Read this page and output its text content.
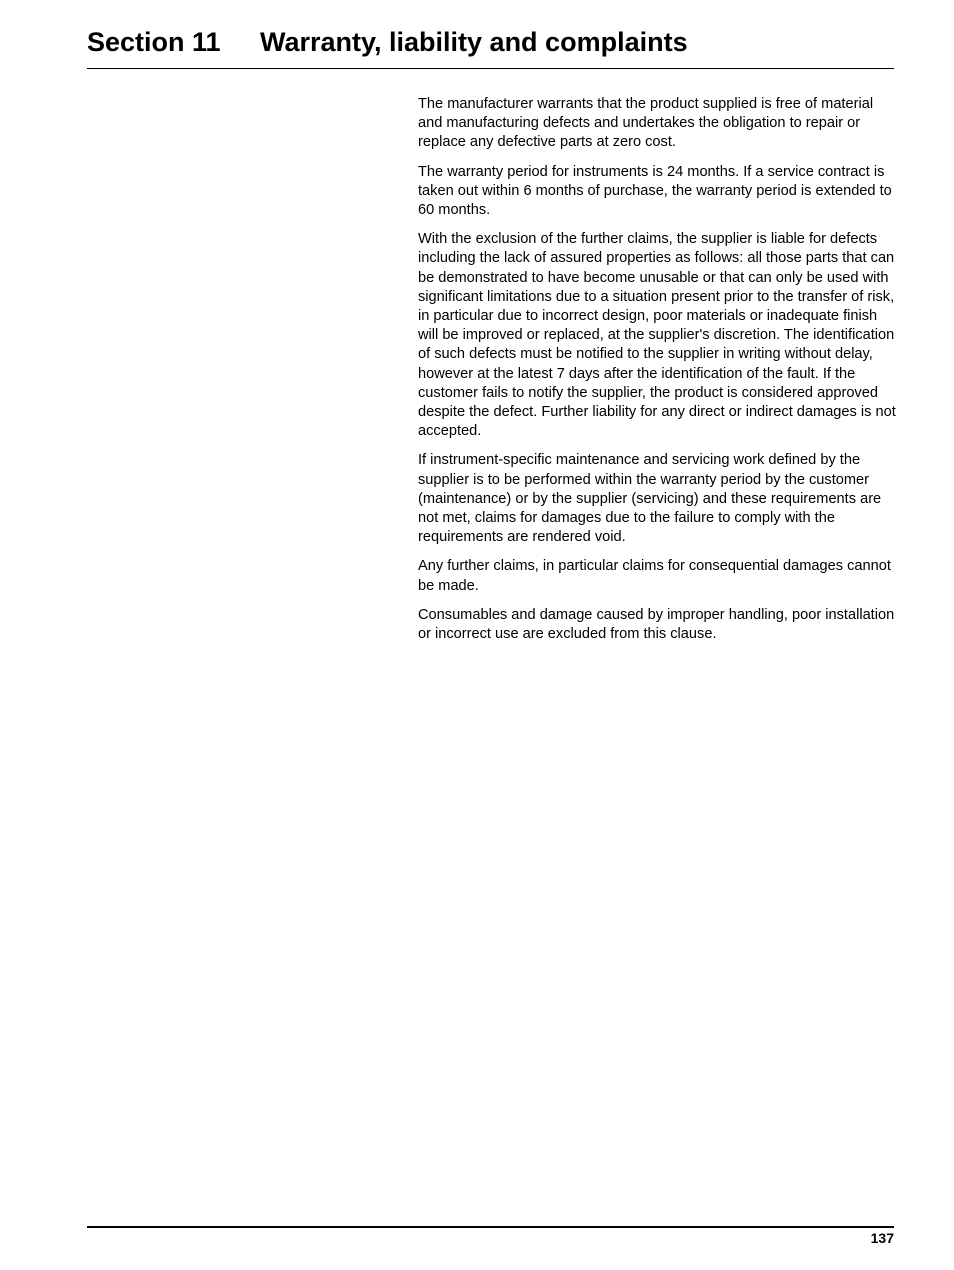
Section 11 Warranty, liability and complaints

The manufacturer warrants that the product supplied is free of material and manufacturing defects and undertakes the obligation to repair or replace any defective parts at zero cost.

The warranty period for instruments is 24 months. If a service contract is taken out within 6 months of purchase, the warranty period is extended to 60 months.

With the exclusion of the further claims, the supplier is liable for defects including the lack of assured properties as follows: all those parts that can be demonstrated to have become unusable or that can only be used with significant limitations due to a situation present prior to the transfer of risk, in particular due to incorrect design, poor materials or inadequate finish will be improved or replaced, at the supplier's discretion. The identification of such defects must be notified to the supplier in writing without delay, however at the latest 7 days after the identification of the fault. If the customer fails to notify the supplier, the product is considered approved despite the defect. Further liability for any direct or indirect damages is not accepted.

If instrument-specific maintenance and servicing work defined by the supplier is to be performed within the warranty period by the customer (maintenance) or by the supplier (servicing) and these requirements are not met, claims for damages due to the failure to comply with the requirements are rendered void.

Any further claims, in particular claims for consequential damages cannot be made.

Consumables and damage caused by improper handling, poor installation or incorrect use are excluded from this clause.

137
